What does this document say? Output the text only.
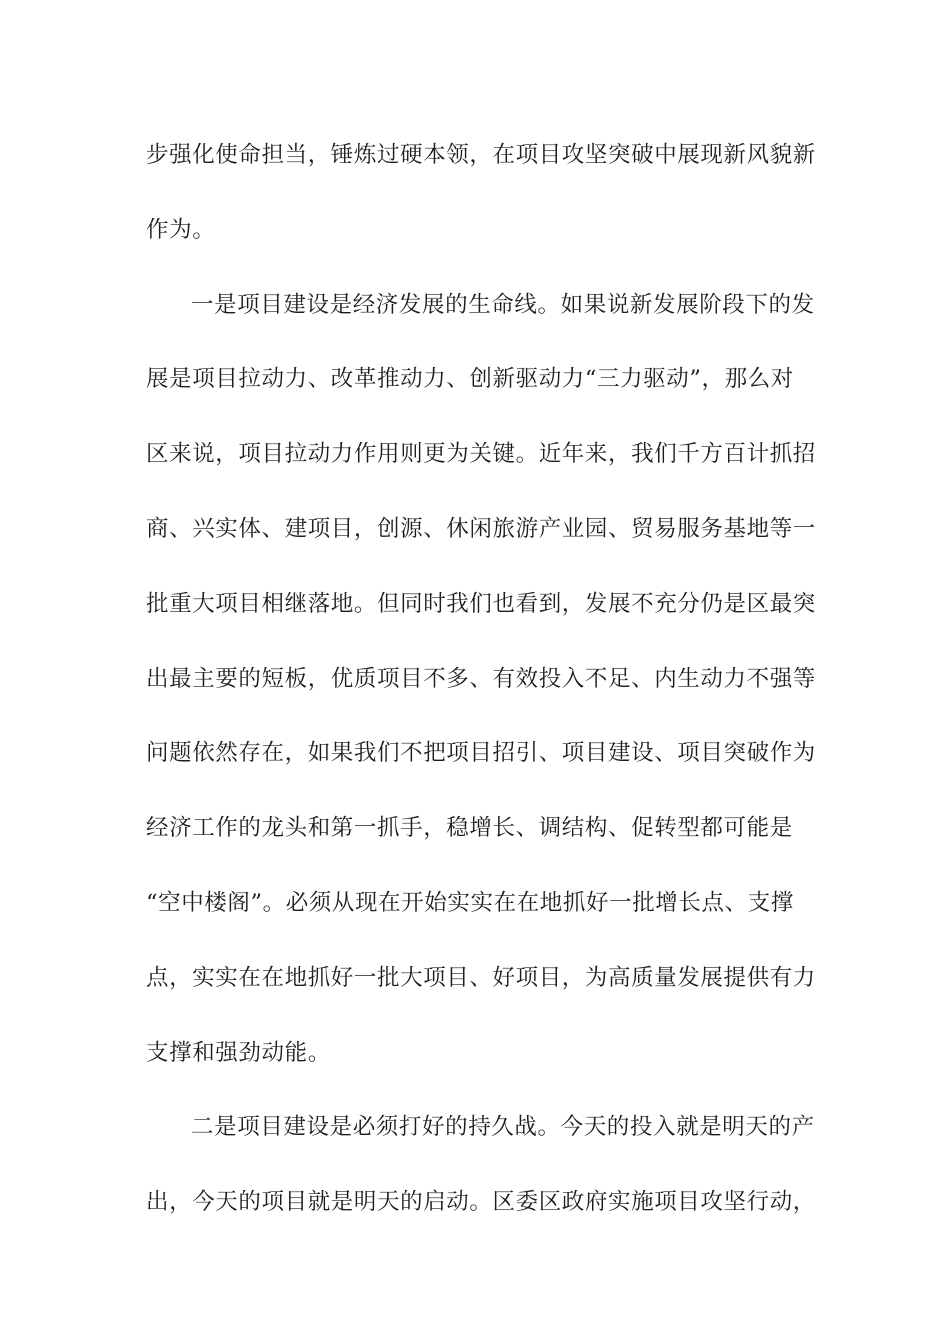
步强化使命担当，锤炼过硬本领，在项目攻坚突破中展现新风貌新
作为。

一是项目建设是经济发展的生命线。如果说新发展阶段下的发
展是项目拉动力、改革推动力、创新驱动力“三力驱动”，那么对
区来说，项目拉动力作用则更为关键。近年来，我们千方百计抓招
商、兴实体、建项目，创源、休闲旅游产业园、贸易服务基地等一
批重大项目相继落地。但同时我们也看到，发展不充分仍是区最突
出最主要的短板，优质项目不多、有效投入不足、内生动力不强等
问题依然存在，如果我们不把项目招引、项目建设、项目突破作为
经济工作的龙头和第一抓手，稳增长、调结构、促转型都可能是
“空中楼阁”。必须从现在开始实实在在地抓好一批增长点、支撑
点，实实在在地抓好一批大项目、好项目，为高质量发展提供有力
支撑和强劲动能。

二是项目建设是必须打好的持久战。今天的投入就是明天的产
出，今天的项目就是明天的启动。区委区政府实施项目攻坚行动，
